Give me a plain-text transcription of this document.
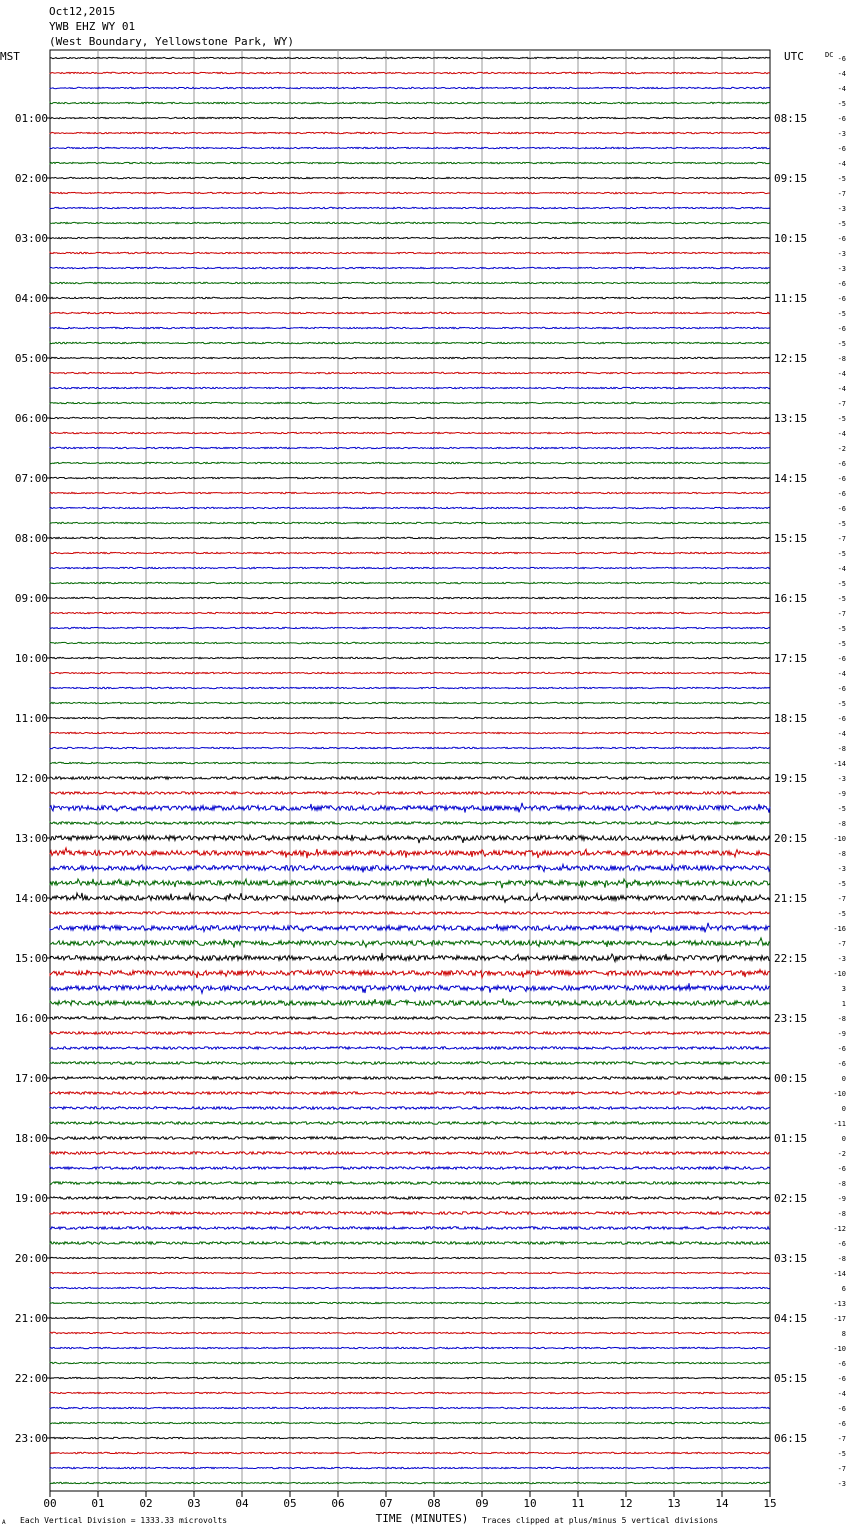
Oct12,2015
YWB EHZ WY 01
(West Boundary, Yellowstone Park, WY)
MST	UTC
00	01	02	03	04	05	06	07	08	09	10	11	12	13	14	15
-6
-4
-4
-5
-6
01:00	08:15
-3
-6
-4
-5
02:00	09:15
-7
-3
-5
-6
03:00	10:15
-3
-3
-6
-6
04:00	11:15
-5
-6
-5
-8
05:00	12:15
-4
-4
-7
-5
06:00	13:15
-4
-2
-6
-6
07:00	14:15
-6
-6
-5
-7
08:00	15:15
-5
-4
-5
-5
09:00	16:15
-7
-5
-5
-6
10:00	17:15
-4
-6
-5
-6
11:00	18:15
-4
-8
-14
-3
12:00	19:15
-9
-5
-8
-10
13:00	20:15
-8
-3
-5
-7
14:00	21:15
-5
-16
-7
-3
15:00	22:15
-10
3
1
-8
16:00	23:15
-9
-6
-6
0
17:00	00:15
-10
0
-11
0
18:00	01:15
-2
-6
-8
-9
19:00	02:15
-8
-12
-6
-8
20:00	03:15
-14
6
-13
-17
21:00	04:15
8
-10
-6
-6
22:00	05:15
-4
-6
-6
-7
23:00	06:15
-5
-7
-3
DC
TIME (MINUTES)
A Each Vertical Division = 1333.33 microvolts	Traces clipped at plus/minus 5 vertical divisions
